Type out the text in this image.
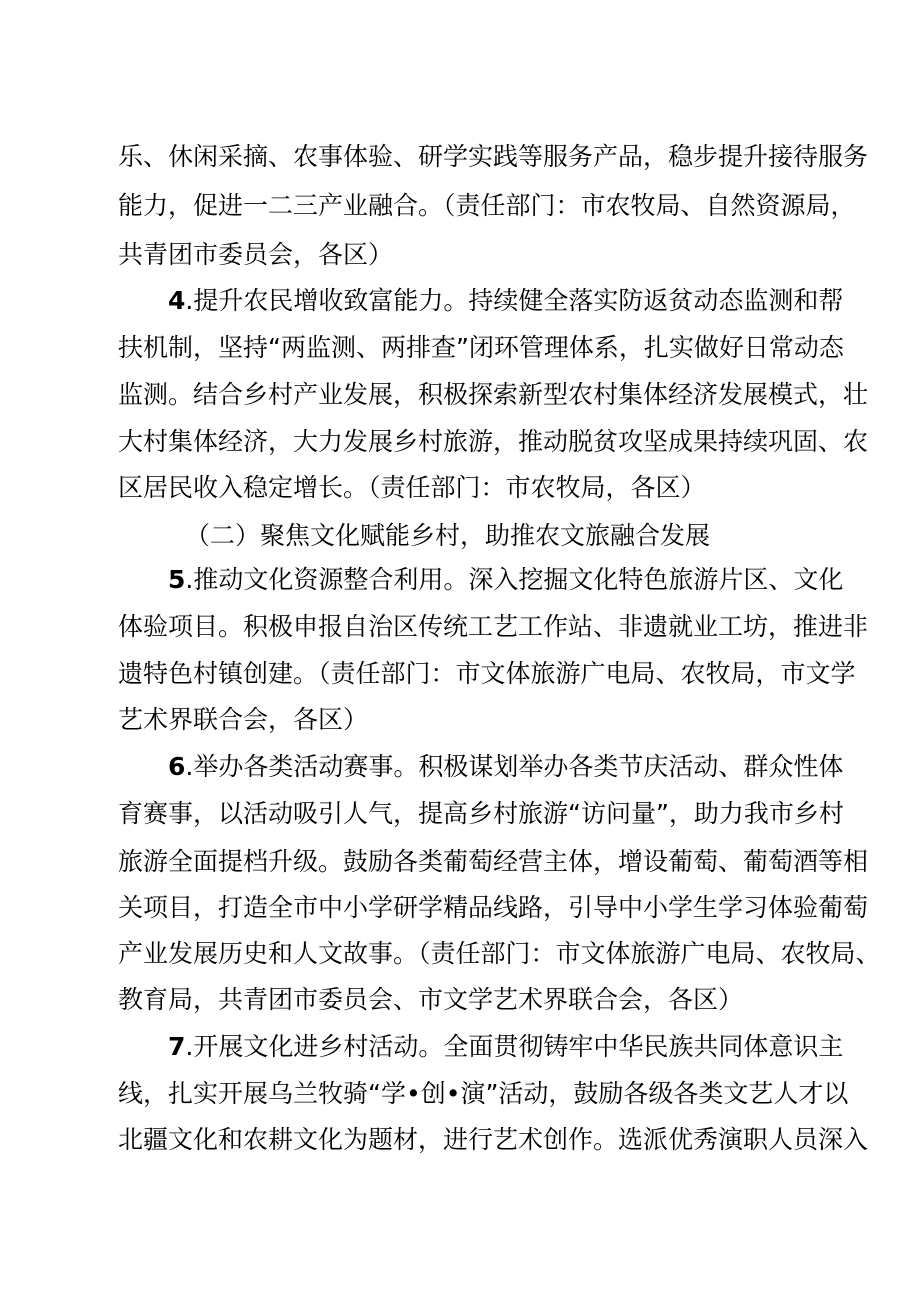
乐、休闲采摘、农事体验、研学实践等服务产品，稳步提升接待服务
能力，促进一二三产业融合。（责任部门：市农牧局、自然资源局，
共青团市委员会，各区）
4.提升农民增收致富能力。持续健全落实防返贫动态监测和帮
扶机制，坚持“两监测、两排查”闭环管理体系，扎实做好日常动态
监测。结合乡村产业发展，积极探索新型农村集体经济发展模式，壮
大村集体经济，大力发展乡村旅游，推动脱贫攻坚成果持续巩固、农
区居民收入稳定增长。（责任部门：市农牧局，各区）
（二）聚焦文化赋能乡村，助推农文旅融合发展
5.推动文化资源整合利用。深入挖掘文化特色旅游片区、文化
体验项目。积极申报自治区传统工艺工作站、非遗就业工坊，推进非
遗特色村镇创建。（责任部门：市文体旅游广电局、农牧局，市文学
艺术界联合会，各区）
6.举办各类活动赛事。积极谋划举办各类节庆活动、群众性体
育赛事，以活动吸引人气，提高乡村旅游“访问量”，助力我市乡村
旅游全面提档升级。鼓励各类葡萄经营主体，增设葡萄、葡萄酒等相
关项目，打造全市中小学研学精品线路，引导中小学生学习体验葡萄
产业发展历史和人文故事。（责任部门：市文体旅游广电局、农牧局、
教育局，共青团市委员会、市文学艺术界联合会，各区）
7.开展文化进乡村活动。全面贯彻铸牢中华民族共同体意识主
线，扎实开展乌兰牧骑“学•创•演”活动，鼓励各级各类文艺人才以
北疆文化和农耕文化为题材，进行艺术创作。选派优秀演职人员深入
